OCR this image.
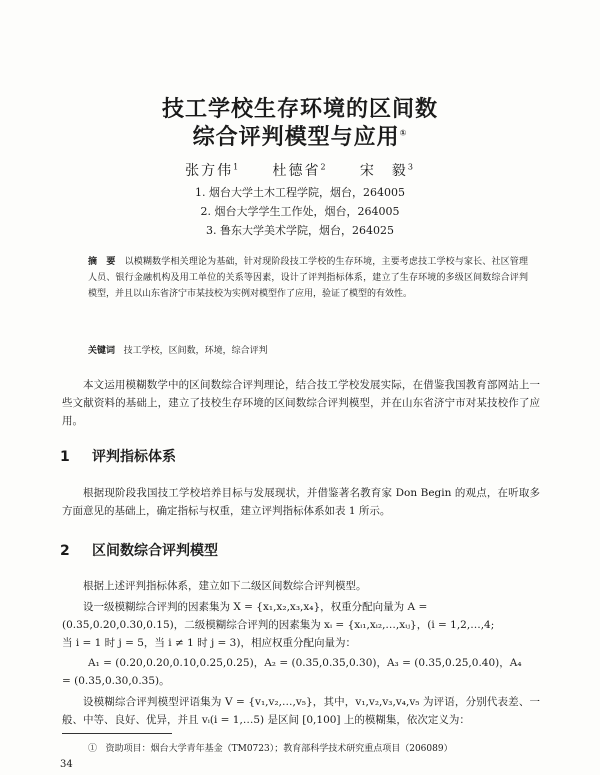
技工学校生存环境的区间数
综合评判模型与应用①
张方伟$^1$ 杜德省$^2$ 宋　毅$^3$
1. 烟台大学土木工程学院，烟台，264005
2. 烟台大学学生工作处，烟台，264005
3. 鲁东大学美术学院，烟台，264025
摘　要 以模糊数学相关理论为基础，针对现阶段技工学校的生存环境，主要考虑技工学校与家长、社区管理人员、银行金融机构及用工单位的关系等因素，设计了评判指标体系，建立了生存环境的多级区间数综合评判模型，并且以山东省济宁市某技校为实例对模型作了应用，验证了模型的有效性。
关键词 技工学校，区间数，环境，综合评判
本文运用模糊数学中的区间数综合评判理论，结合技工学校发展实际，在借鉴我国教育部网站上一些文献资料的基础上，建立了技校生存环境的区间数综合评判模型，并在山东省济宁市对某技校作了应用。
1 评判指标体系
根据现阶段我国技工学校培养目标与发展现状，并借鉴著名教育家 Don Begin 的观点，在听取多方面意见的基础上，确定指标与权重，建立评判指标体系如表 1 所示。
2 区间数综合评判模型
根据上述评判指标体系，建立如下二级区间数综合评判模型。
设一级模糊综合评判的因素集为 X = {x₁,x₂,x₃,x₄}，权重分配向量为 A =
(0.35,0.20,0.30,0.15)，二级模糊综合评判的因素集为 xᵢ = {xᵢ₁,xᵢ₂,…,xᵢⱼ}，(i = 1,2,…,4;
当 i = 1 时 j = 5，当 i ≠ 1 时 j = 3)，相应权重分配向量为：
A₁ = (0.20,0.20,0.10,0.25,0.25)，A₂ = (0.35,0.35,0.30)，A₃ = (0.35,0.25,0.40)，A₄
= (0.35,0.30,0.35)。
设模糊综合评判模型评语集为 V = {v₁,v₂,…,v₅}，其中，v₁,v₂,v₃,v₄,v₅ 为评语，分别代表差、一般、中等、良好、优异，并且 vᵢ(i = 1,…5) 是区间 [0,100] 上的模糊集，依次定义为：
① 资助项目：烟台大学青年基金（TM0723）；教育部科学技术研究重点项目（206089）
34
